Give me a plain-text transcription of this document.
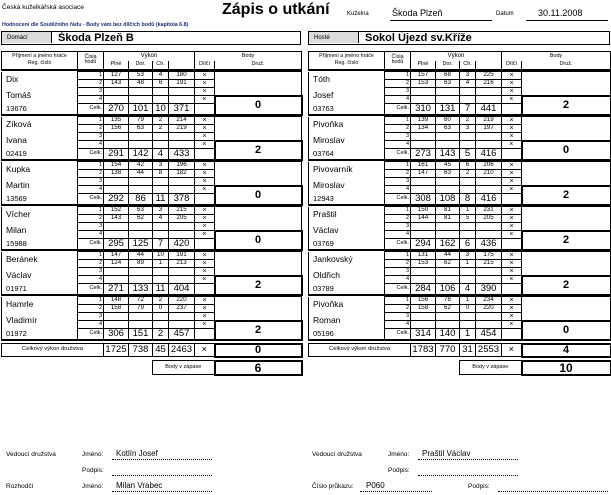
Česká kuželkářská asociace
Hodnocení dle Soutěžního řádu - Body vám bez dílčích bodů (kapitola 6.8)
Zápis o utkání	Kuželna	Škoda Plzeň	Datum	30.11.2008
Domácí	Škoda Plzeň B	Hosté	Sokol Újezd sv.Kříže
Příjmení a jméno hráče
Reg. číslo	Čísla hodů	Výkon				Body	
		Plné	Dor.	Ch.		Dílčí	Druž.

Dix	1	127	53	4	180	×	
	2	143	48	6	191	×	
Tomáš	3					×	
	4					×	0
13676	Celk.	270	101	10	371		

Zíková	1	135	79	2	214	×	
	2	156	63	2	219	×	
Ivana	3					×	
	4					×	2
02419	Celk.	291	142	4	433		

Kupka	1	154	42	3	196	×	
	2	138	44	8	182	×	
Martin	3					×	
	4					×	0
13569	Celk.	292	86	11	378		

Vícher	1	152	63	3	215	×	
	2	143	62	4	205	×	
Milan	3					×	
	4					×	0
15988	Celk.	295	125	7	420		

Beránek	1	147	44	10	191	×	
	2	124	89	1	213	×	
Václav	3					×	
	4					×	2
01971	Celk.	271	133	11	404		

Hamrle	1	148	72	2	220	×	
	2	158	79	0	237	×	
Vladimír	3					×	
	4					×	2
01972	Celk.	306	151	2	457		

Celkový výkon družstva		1725	738	45	2463	×	0

				Body v zápase			6
Příjmení a jméno hráče
Reg. číslo	Čísla hodů	Výkon				Body	
		Plné	Dor.	Ch.		Dílčí	Druž.

Tóth	1	157	68	3	225	×	
	2	153	63	4	216	×	
Josef	3					×	
	4					×	2
03763	Celk.	310	131	7	441		

Pivoňka	1	139	80	2	219	×	
	2	134	63	3	197	×	
Miroslav	3					×	
	4					×	0
03764	Celk.	273	143	5	416		

Pivovarník	1	161	45	6	206	×	
	2	147	63	2	210	×	
Miroslav	3					×	
	4					×	2
12943	Celk.	308	108	8	416		

Praštil	1	150	81	1	231	×	
	2	144	81	5	205	×	
Václav	3					×	
	4					×	2
03769	Celk.	294	162	6	436		

Jankovský	1	131	44	3	175	×	
	2	153	62	1	215	×	
Oldřich	3					×	
	4					×	2
03789	Celk.	284	106	4	390		

Pivoňka	1	156	78	1	234	×	
	2	158	62	0	220	×	
Roman	3					×	
	4					×	0
05196	Celk.	314	140	1	454		

Celkový výkon družstva		1783	770	31	2553	×	4

				Body v zápase			10
Vedoucí družstva	Jméno: Kotlín Josef
Podpis:
Vedoucí družstva	Jméno: Praštil Václav
Podpis:
Rozhodčí	Jméno: Milan Vrabec	Číslo průkazu: P060	Podpis:
